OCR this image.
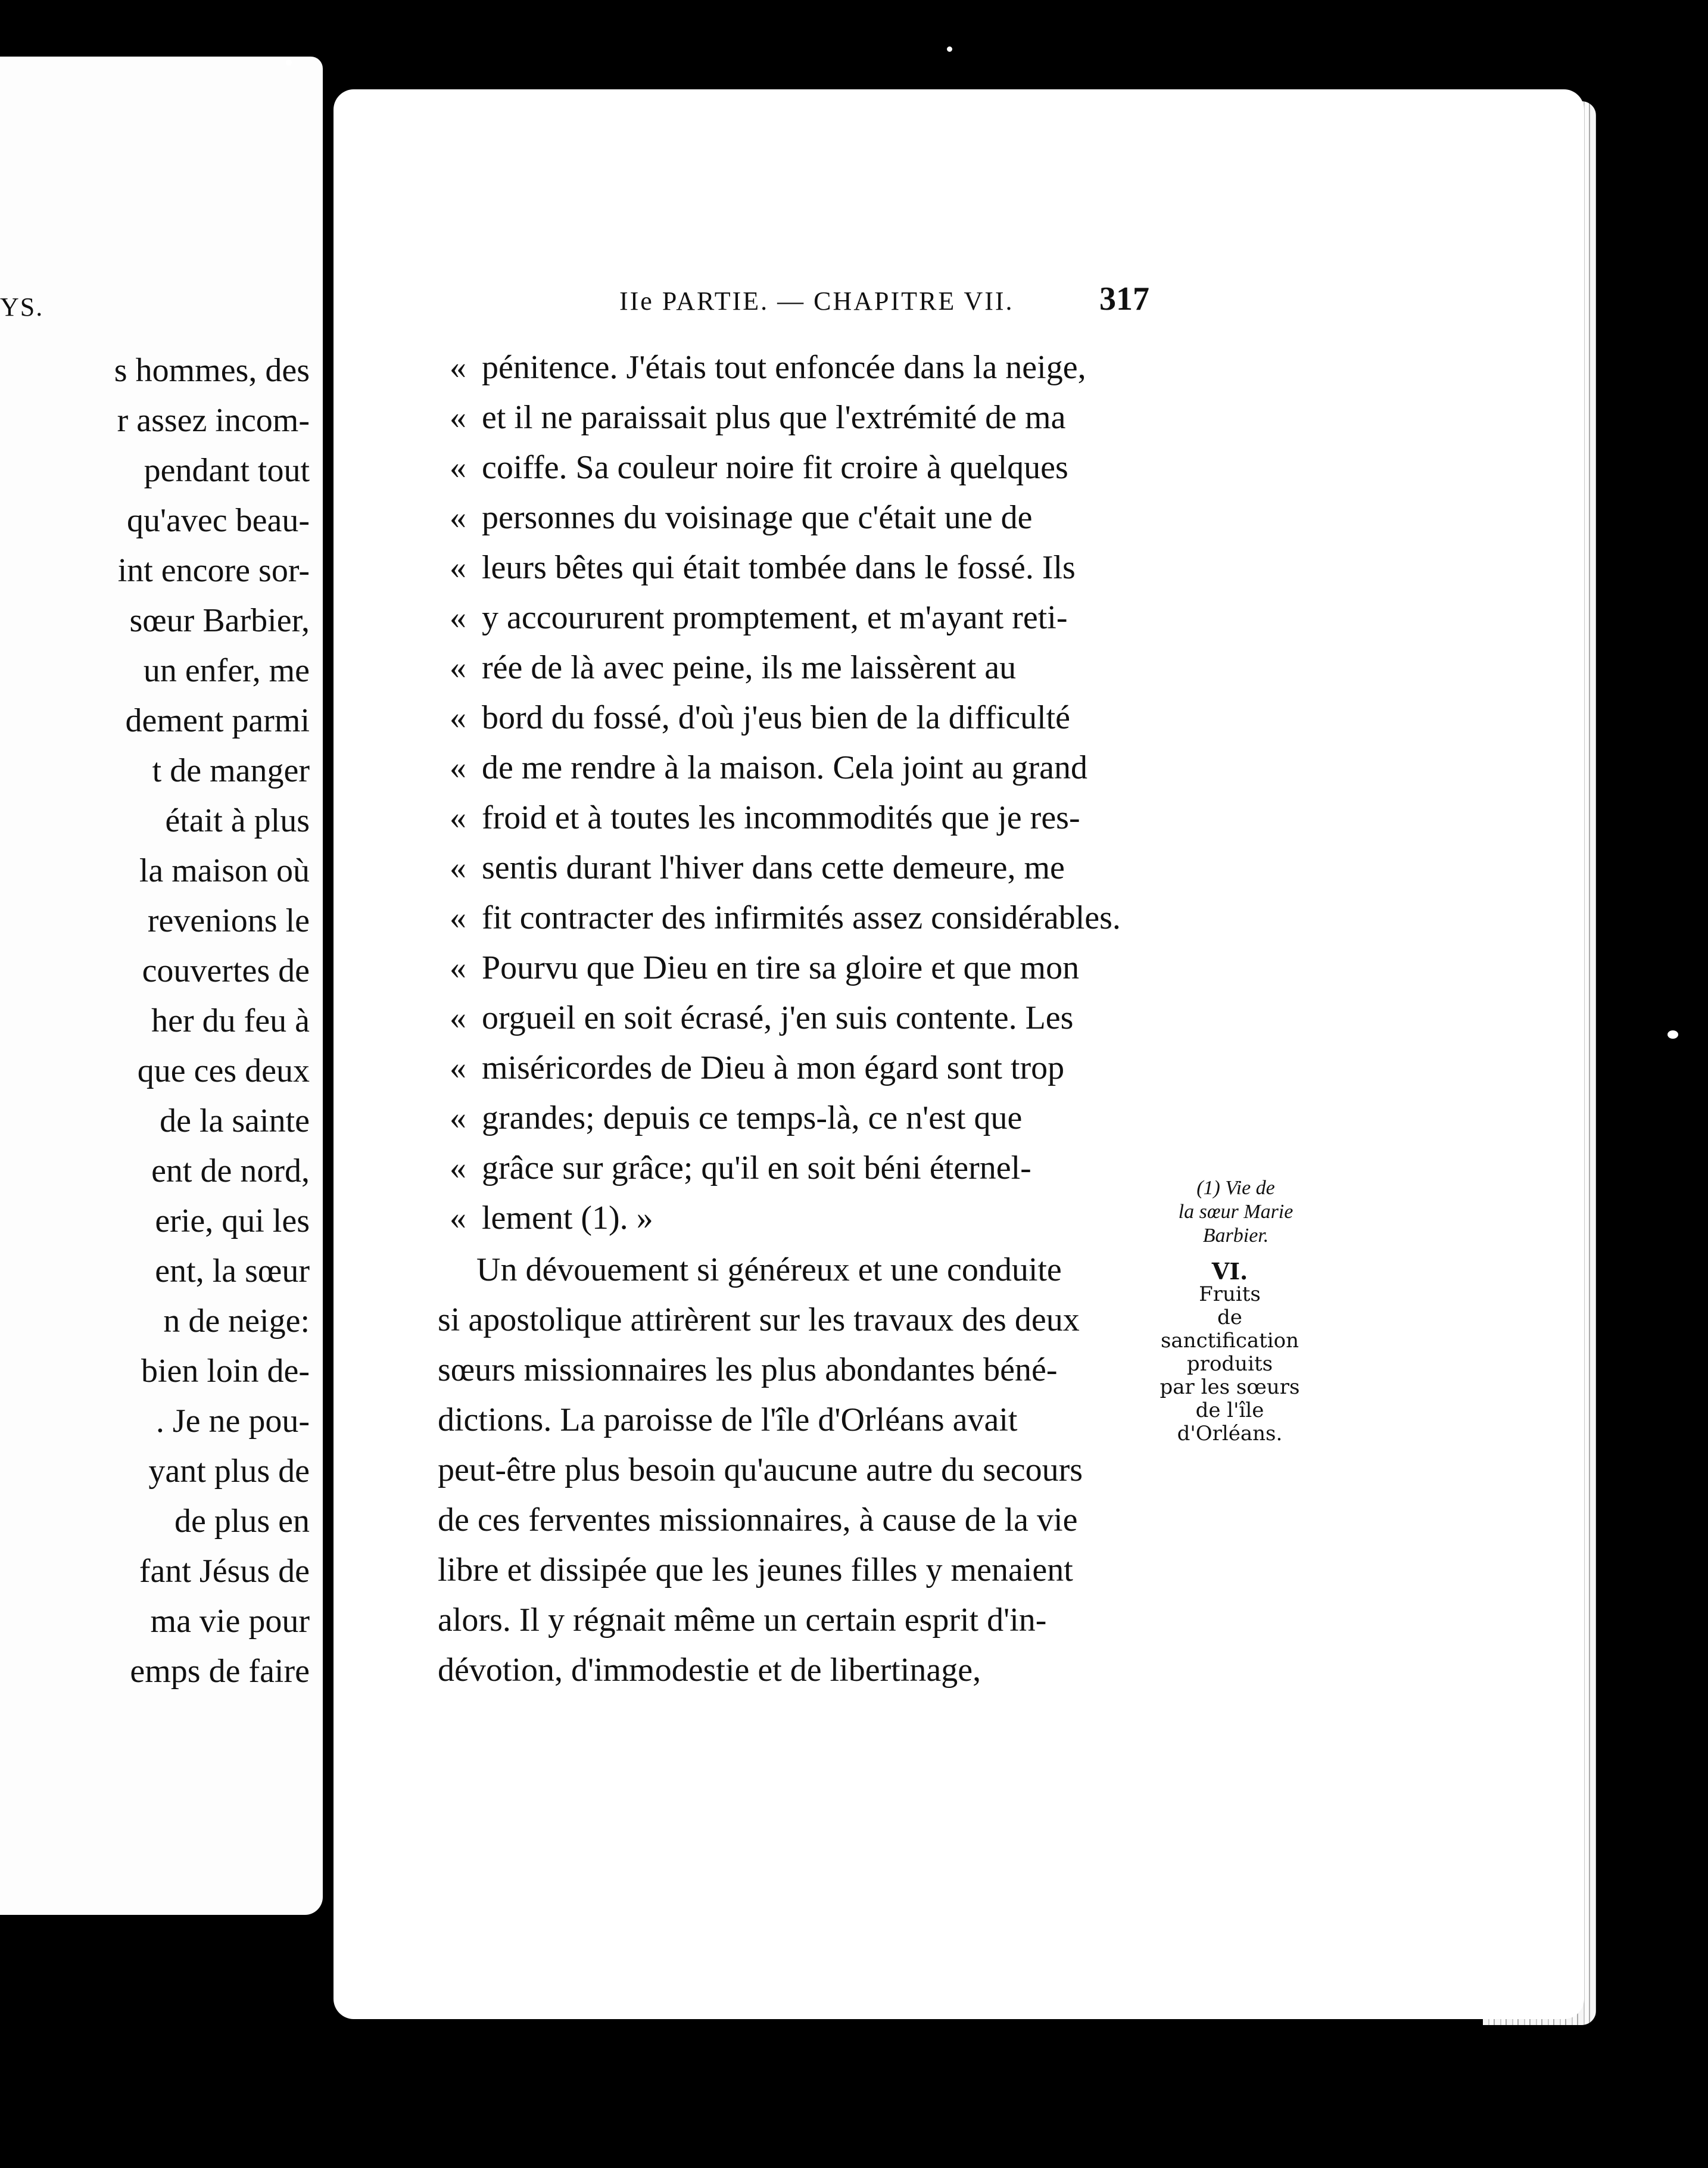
YS.
s hommes, des
r assez incom-
pendant tout
qu'avec beau-
int encore sor-
sœur Barbier,
un enfer, me
dement parmi
t de manger
était à plus
la maison où
revenions le
couvertes de
her du feu à
que ces deux
de la sainte
ent de nord,
erie, qui les
ent, la sœur
n de neige:
bien loin de-
. Je ne pou-
yant plus de
de plus en
fant Jésus de
ma vie pour
emps de faire
IIe PARTIE. — CHAPITRE VII.	317
« pénitence. J'étais tout enfoncée dans la neige,
« et il ne paraissait plus que l'extrémité de ma
« coiffe. Sa couleur noire fit croire à quelques
« personnes du voisinage que c'était une de
« leurs bêtes qui était tombée dans le fossé. Ils
« y accoururent promptement, et m'ayant reti-
« rée de là avec peine, ils me laissèrent au
« bord du fossé, d'où j'eus bien de la difficulté
« de me rendre à la maison. Cela joint au grand
« froid et à toutes les incommodités que je res-
« sentis durant l'hiver dans cette demeure, me
« fit contracter des infirmités assez considérables.
« Pourvu que Dieu en tire sa gloire et que mon
« orgueil en soit écrasé, j'en suis contente. Les
« miséricordes de Dieu à mon égard sont trop
« grandes; depuis ce temps-là, ce n'est que
« grâce sur grâce; qu'il en soit béni éternel-
« lement (1). »
Un dévouement si généreux et une conduite
si apostolique attirèrent sur les travaux des deux
sœurs missionnaires les plus abondantes béné-
dictions. La paroisse de l'île d'Orléans avait
peut-être plus besoin qu'aucune autre du secours
de ces ferventes missionnaires, à cause de la vie
libre et dissipée que les jeunes filles y menaient
alors. Il y régnait même un certain esprit d'in-
dévotion, d'immodestie et de libertinage,
(1) Vie de
la sœur Marie
Barbier.
VI.
Fruits
de
sanctification
produits
par les sœurs
de l'île
d'Orléans.
